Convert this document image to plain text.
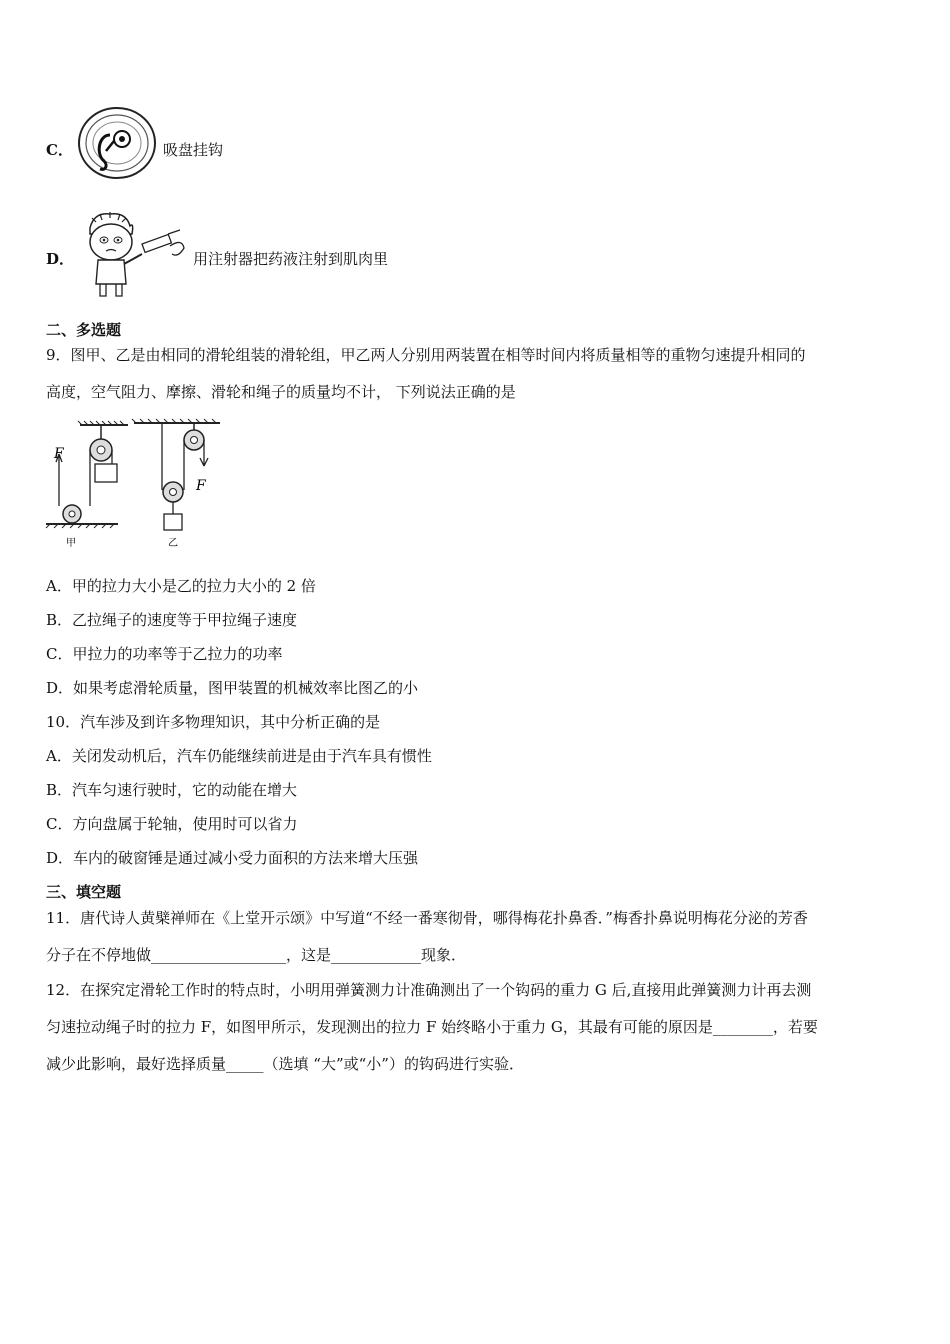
C．	吸盘挂钩
D．	用注射器把药液注射到肌肉里
二、多选题
9．图甲、乙是由相同的滑轮组装的滑轮组，甲乙两人分别用两装置在相等时间内将质量相等的重物匀速提升相同的
高度，空气阻力、摩擦、滑轮和绳子的质量均不计， 下列说法正确的是
F
甲
F
乙
A．甲的拉力大小是乙的拉力大小的 2 倍
B．乙拉绳子的速度等于甲拉绳子速度
C．甲拉力的功率等于乙拉力的功率
D．如果考虑滑轮质量，图甲装置的机械效率比图乙的小
10．汽车涉及到许多物理知识，其中分析正确的是
A．关闭发动机后，汽车仍能继续前进是由于汽车具有惯性
B．汽车匀速行驶时，它的动能在增大
C．方向盘属于轮轴，使用时可以省力
D．车内的破窗锤是通过减小受力面积的方法来增大压强
三、填空题
11．唐代诗人黄檗禅师在《上堂开示颂》中写道“不经一番寒彻骨，哪得梅花扑鼻香．”梅香扑鼻说明梅花分泌的芳香
分子在不停地做__________________，这是____________现象．
12．在探究定滑轮工作时的特点时，小明用弹簧测力计准确测出了一个钩码的重力 G 后,直接用此弹簧测力计再去测
匀速拉动绳子时的拉力 F，如图甲所示，发现测出的拉力 F 始终略小于重力 G，其最有可能的原因是________，若要
减少此影响，最好选择质量_____（选填 “大”或“小”）的钩码进行实验．
